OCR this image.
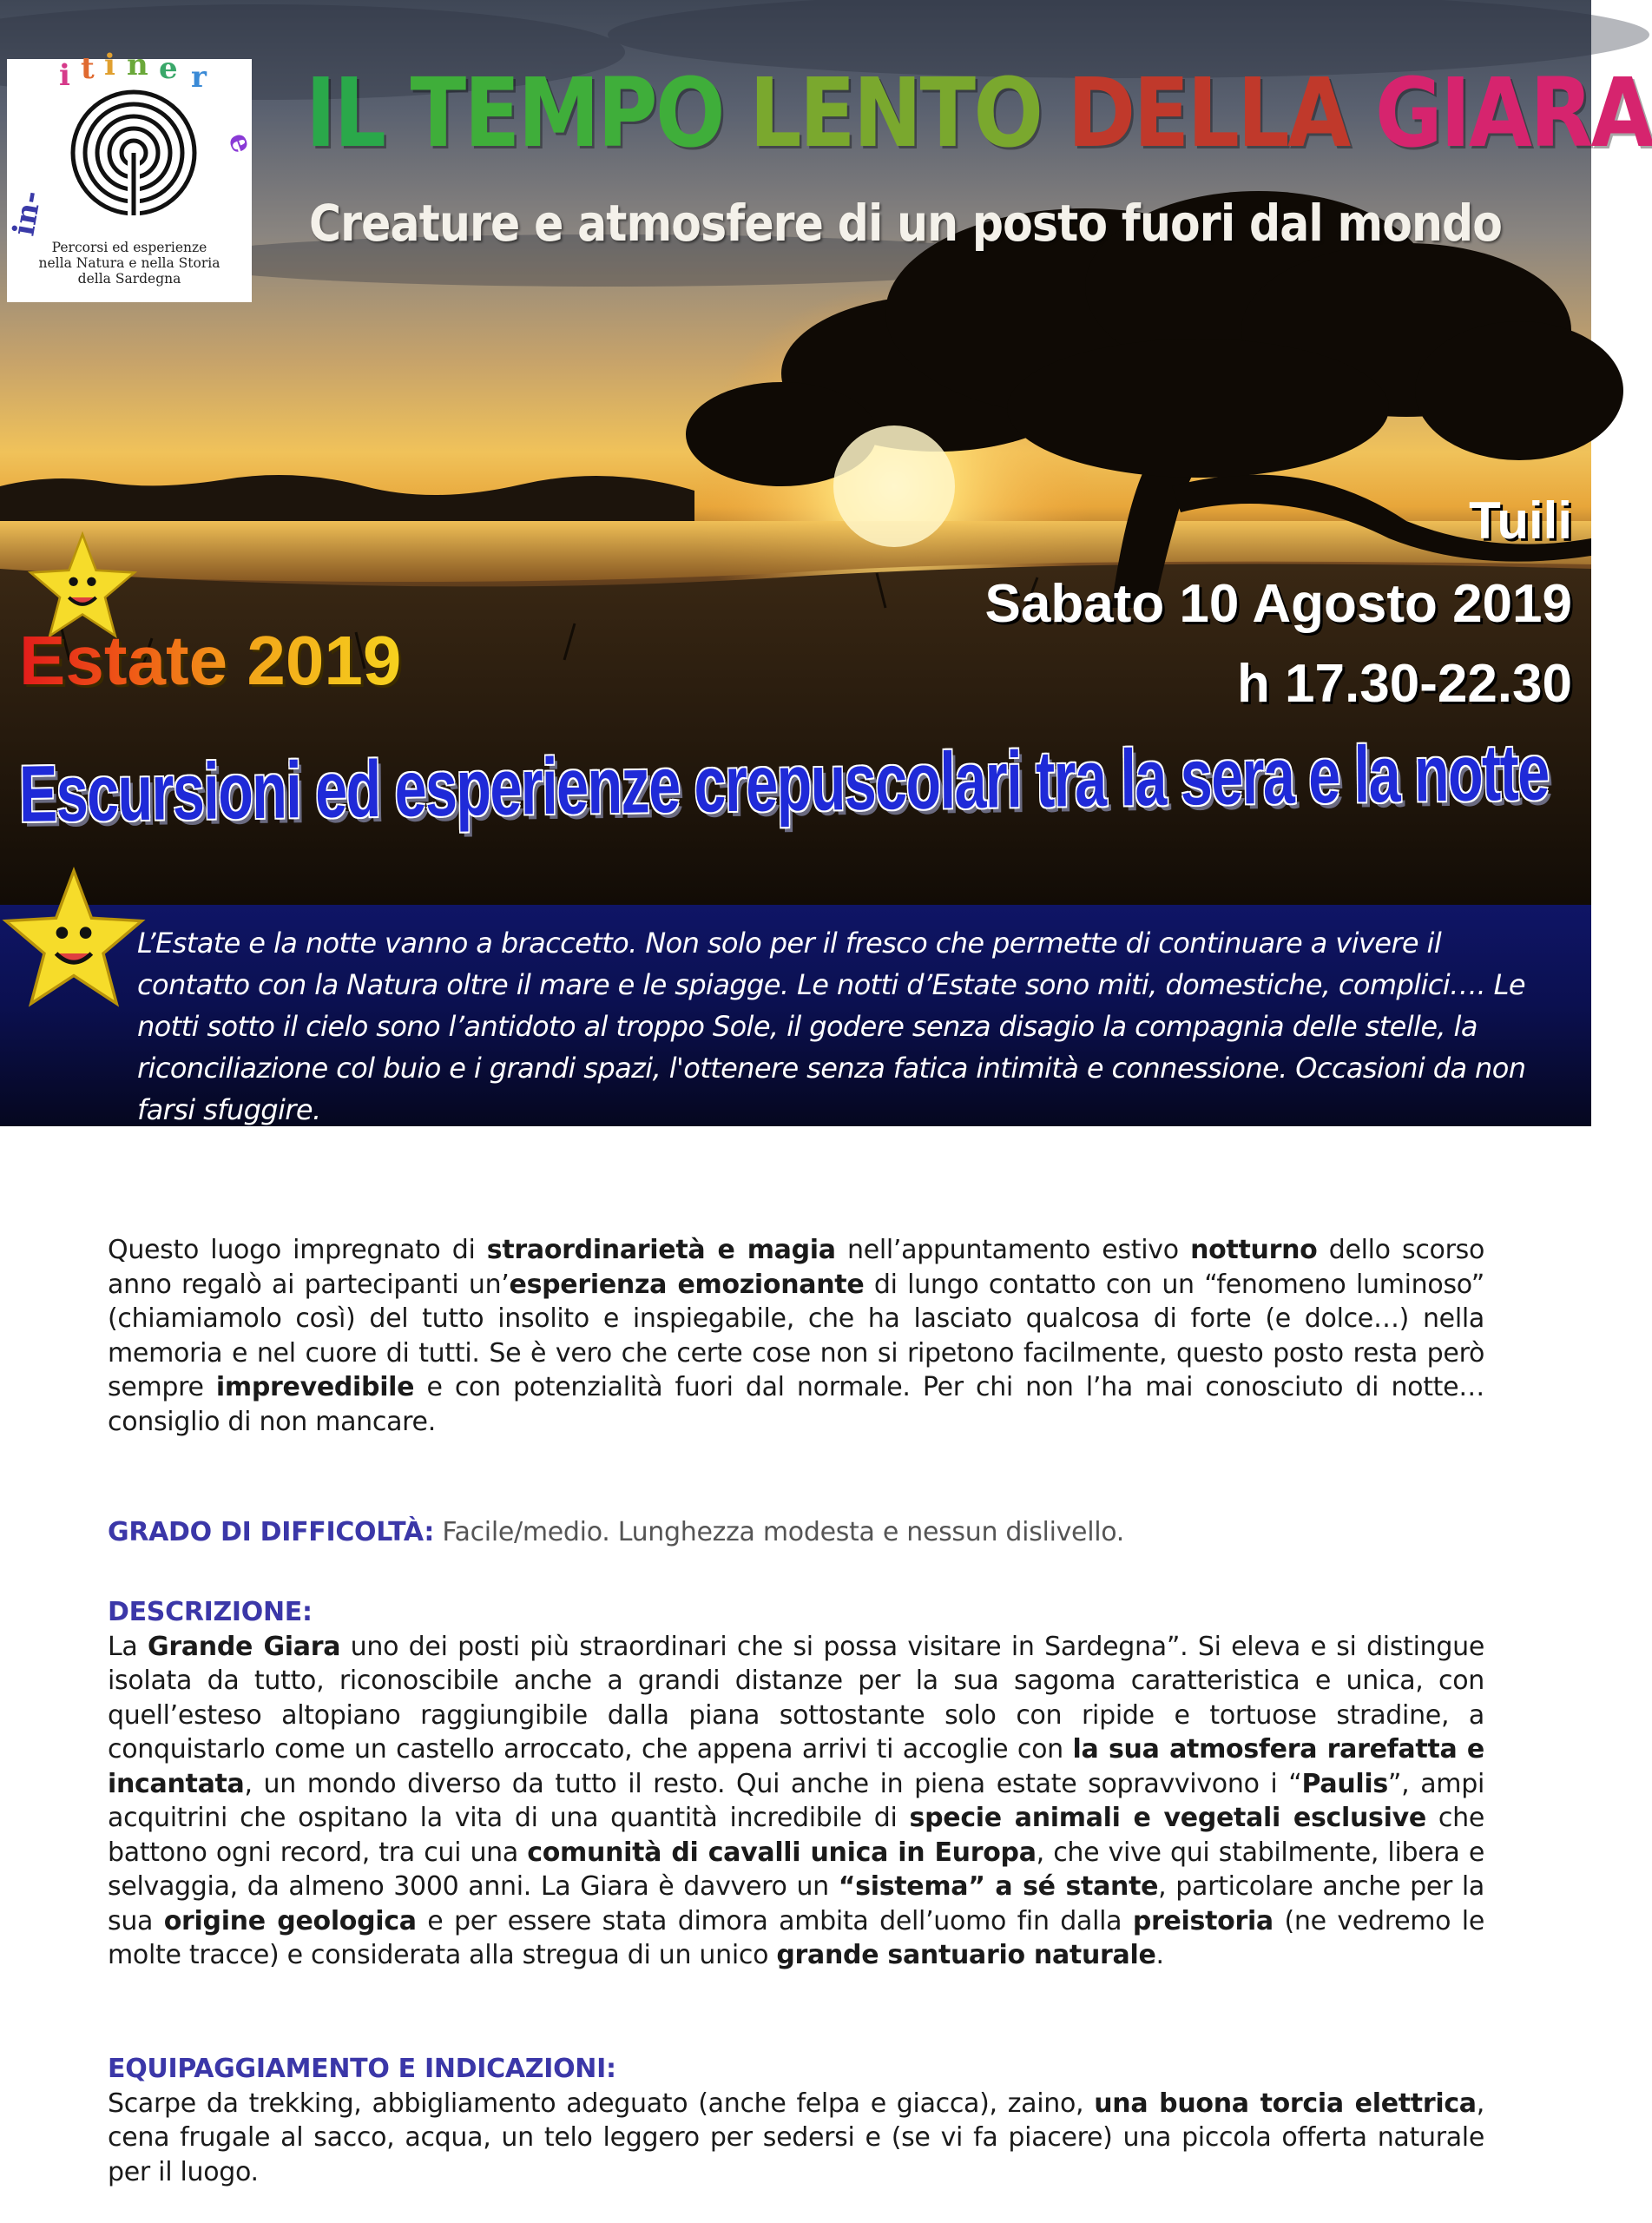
in-
i t i n e r
e
Percorsi ed esperienze
nella Natura e nella Storia
della Sardegna
IL TEMPO LENTO DELLA GIARA
Creature e atmosfere di un posto fuori dal mondo
Tuili
Sabato 10 Agosto 2019
h 17.30-22.30
Estate 2019
Escursioni ed esperienze crepuscolari tra la sera e la notte
L’Estate e la notte vanno a braccetto. Non solo per il fresco che permette di continuare a vivere il contatto con la Natura oltre il mare e le spiagge. Le notti d’Estate sono miti, domestiche, complici…. Le notti sotto il cielo sono l’antidoto al troppo Sole, il godere senza disagio la compagnia delle stelle, la riconciliazione col buio e i grandi spazi, l'ottenere senza fatica intimità e connessione. Occasioni da non farsi sfuggire.
Questo luogo impregnato di straordinarietà e magia nell’appuntamento estivo notturno dello scorso anno regalò ai partecipanti un’esperienza emozionante di lungo contatto con un “fenomeno luminoso” (chiamiamolo così) del tutto insolito e inspiegabile, che ha lasciato qualcosa di forte (e dolce…) nella memoria e nel cuore di tutti. Se è vero che certe cose non si ripetono facilmente, questo posto resta però sempre imprevedibile e con potenzialità fuori dal normale. Per chi non l’ha mai conosciuto di notte… consiglio di non mancare.
GRADO DI DIFFICOLTÀ: Facile/medio. Lunghezza modesta e nessun dislivello.
DESCRIZIONE:
La Grande Giara uno dei posti più straordinari che si possa visitare in Sardegna”. Si eleva e si distingue isolata da tutto, riconoscibile anche a grandi distanze per la sua sagoma caratteristica e unica, con quell’esteso altopiano raggiungibile dalla piana sottostante solo con ripide e tortuose stradine, a conquistarlo come un castello arroccato, che appena arrivi ti accoglie con la sua atmosfera rarefatta e incantata, un mondo diverso da tutto il resto. Qui anche in piena estate sopravvivono i “Paulis”, ampi acquitrini che ospitano la vita di una quantità incredibile di specie animali e vegetali esclusive che battono ogni record, tra cui una comunità di cavalli unica in Europa, che vive qui stabilmente, libera e selvaggia, da almeno 3000 anni. La Giara è davvero un “sistema” a sé stante, particolare anche per la sua origine geologica e per essere stata dimora ambita dell’uomo fin dalla preistoria (ne vedremo le molte tracce) e considerata alla stregua di un unico grande santuario naturale.
EQUIPAGGIAMENTO E INDICAZIONI:
Scarpe da trekking, abbigliamento adeguato (anche felpa e giacca), zaino, una buona torcia elettrica, cena frugale al sacco, acqua, un telo leggero per sedersi e (se vi fa piacere) una piccola offerta naturale per il luogo.
